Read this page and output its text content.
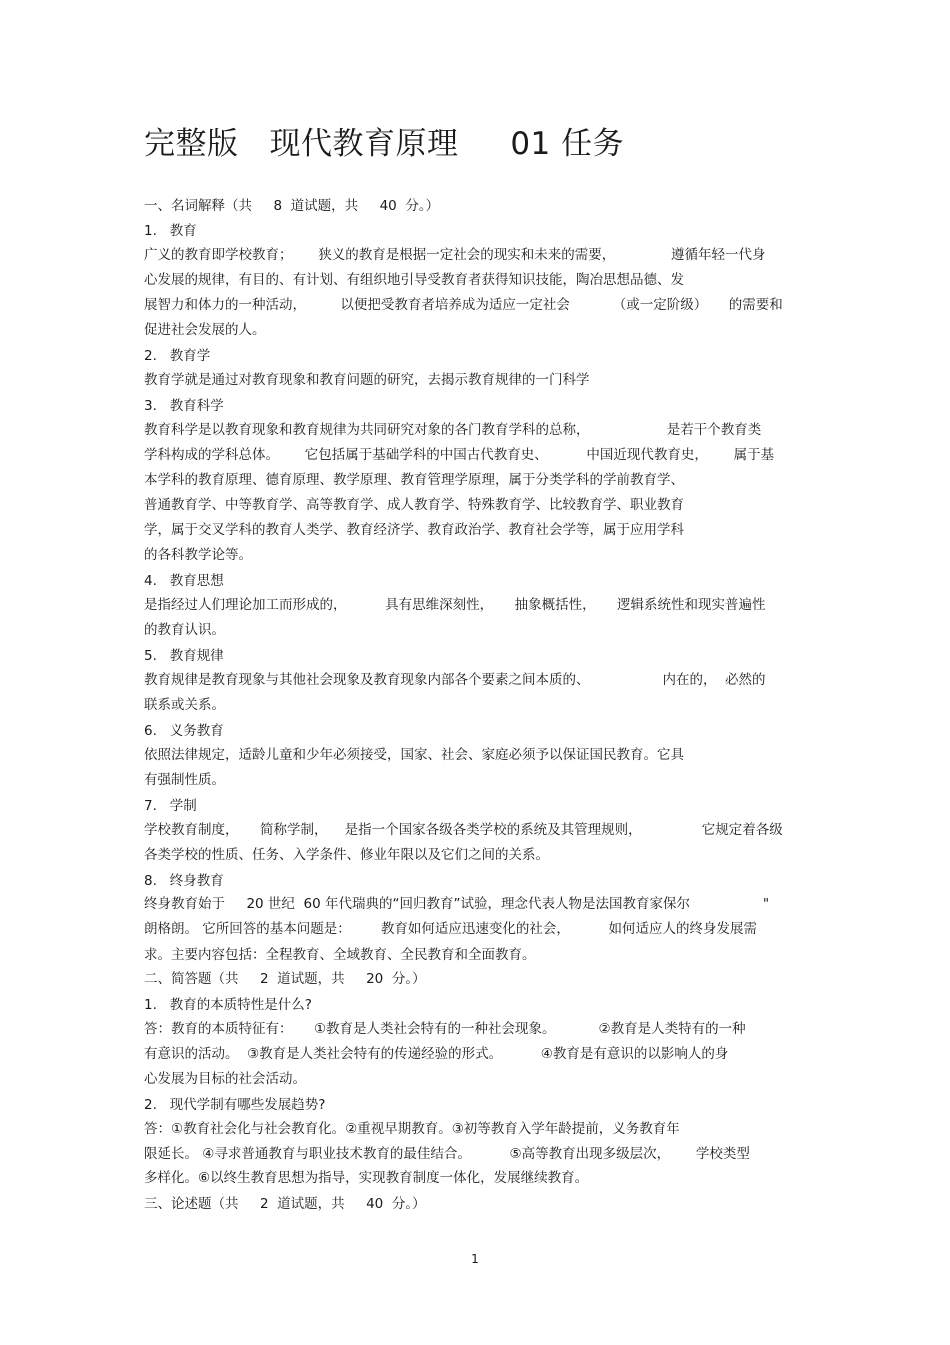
完整版   现代教育原理     01 任务
一、名词解释（共     8  道试题，共     40  分。）
1.   教育
广义的教育即学校教育；      狭义的教育是根据一定社会的现实和未来的需要，             遵循年轻一代身
心发展的规律，有目的、有计划、有组织地引导受教育者获得知识技能，陶冶思想品德、发
展智力和体力的一种活动，        以便把受教育者培养成为适应一定社会          （或一定阶级）     的需要和
促进社会发展的人。
2.   教育学
教育学就是通过对教育现象和教育问题的研究，去揭示教育规律的一门科学
3.   教育科学
教育科学是以教育现象和教育规律为共同研究对象的各门教育学科的总称，                  是若干个教育类
学科构成的学科总体。      它包括属于基础学科的中国古代教育史、         中国近现代教育史，      属于基
本学科的教育原理、德育原理、教学原理、教育管理学原理，属于分类学科的学前教育学、
普通教育学、中等教育学、高等教育学、成人教育学、特殊教育学、比较教育学、职业教育
学，属于交叉学科的教育人类学、教育经济学、教育政治学、教育社会学等，属于应用学科
的各科教学论等。
4.   教育思想
是指经过人们理论加工而形成的，         具有思维深刻性，     抽象概括性，     逻辑系统性和现实普遍性
的教育认识。
5.   教育规律
教育规律是教育现象与其他社会现象及教育现象内部各个要素之间本质的、                 内在的，  必然的
联系或关系。
6.   义务教育
依照法律规定，适龄儿童和少年必须接受，国家、社会、家庭必须予以保证国民教育。它具
有强制性质。
7.   学制
学校教育制度，     简称学制，    是指一个国家各级各类学校的系统及其管理规则，              它规定着各级
各类学校的性质、任务、入学条件、修业年限以及它们之间的关系。
8.   终身教育
终身教育始于     20 世纪  60 年代瑞典的“回归教育”试验，理念代表人物是法国教育家保尔                 "
朗格朗。 它所回答的基本问题是：       教育如何适应迅速变化的社会，         如何适应人的终身发展需
求。主要内容包括：全程教育、全域教育、全民教育和全面教育。
二、简答题（共     2  道试题，共     20  分。）
1.   教育的本质特性是什么?
答：教育的本质特征有：     ①教育是人类社会特有的一种社会现象。          ②教育是人类特有的一种
有意识的活动。  ③教育是人类社会特有的传递经验的形式。         ④教育是有意识的以影响人的身
心发展为目标的社会活动。
2.   现代学制有哪些发展趋势?
答：①教育社会化与社会教育化。②重视早期教育。③初等教育入学年龄提前，义务教育年
限延长。 ④寻求普通教育与职业技术教育的最佳结合。         ⑤高等教育出现多级层次，      学校类型
多样化。⑥以终生教育思想为指导，实现教育制度一体化，发展继续教育。
三、论述题（共     2  道试题，共     40  分。）
1
